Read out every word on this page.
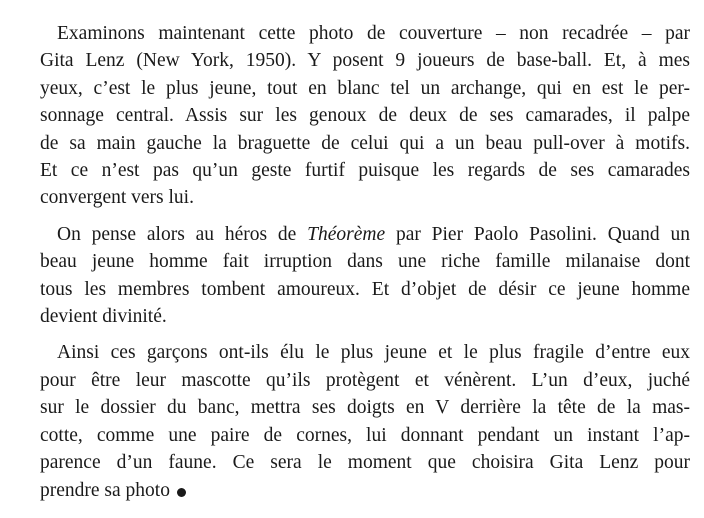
Examinons maintenant cette photo de couverture – non recadrée – par
Gita Lenz (New York, 1950). Y posent 9 joueurs de base-ball. Et, à mes
yeux, c’est le plus jeune, tout en blanc tel un archange, qui en est le per-
sonnage central. Assis sur les genoux de deux de ses camarades, il palpe
de sa main gauche la braguette de celui qui a un beau pull-over à motifs.
Et ce n’est pas qu’un geste furtif puisque les regards de ses camarades
convergent vers lui.
On pense alors au héros de Théorème par Pier Paolo Pasolini. Quand un
beau jeune homme fait irruption dans une riche famille milanaise dont
tous les membres tombent amoureux. Et d’objet de désir ce jeune homme
devient divinité.
Ainsi ces garçons ont-ils élu le plus jeune et le plus fragile d’entre eux
pour être leur mascotte qu’ils protègent et vénèrent. L’un d’eux, juché
sur le dossier du banc, mettra ses doigts en V derrière la tête de la mas-
cotte, comme une paire de cornes, lui donnant pendant un instant l’ap-
parence d’un faune. Ce sera le moment que choisira Gita Lenz pour
prendre sa photo
